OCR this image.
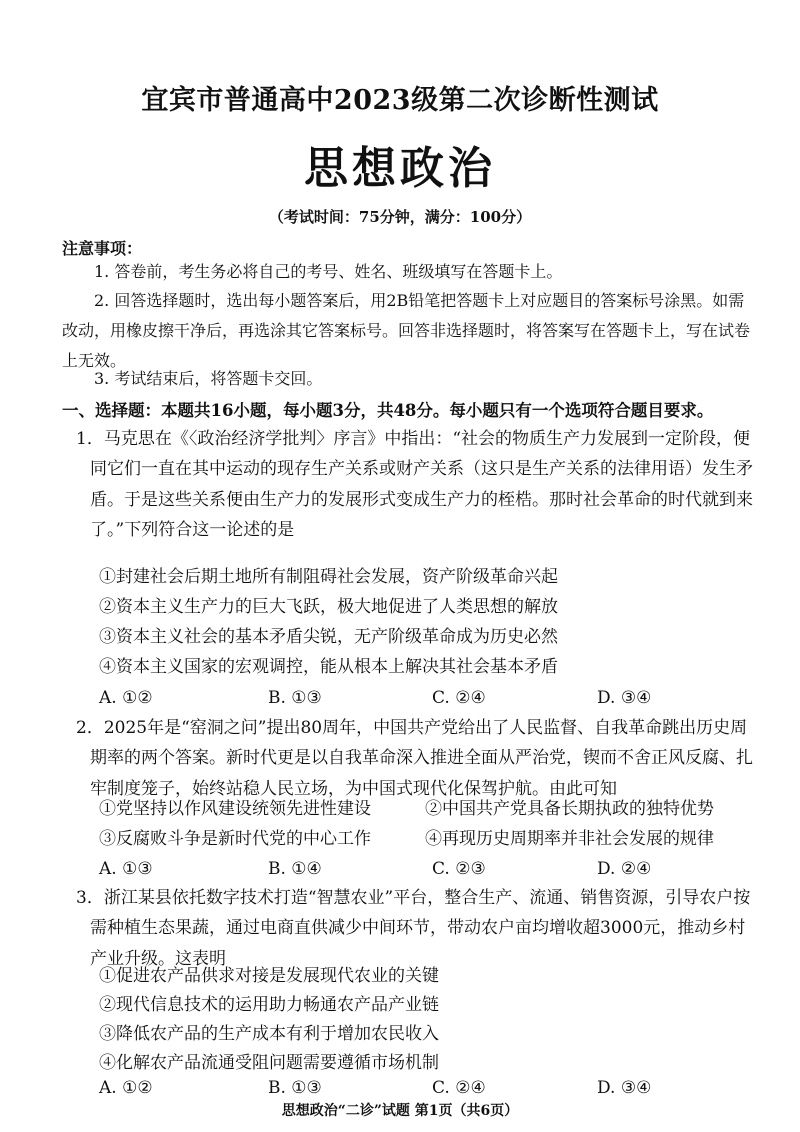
宜宾市普通高中2023级第二次诊断性测试
思想政治
（考试时间：75分钟，满分：100分）
注意事项：
1. 答卷前，考生务必将自己的考号、姓名、班级填写在答题卡上。
2. 回答选择题时，选出每小题答案后，用2B铅笔把答题卡上对应题目的答案标号涂黑。如需改动，用橡皮擦干净后，再选涂其它答案标号。回答非选择题时，将答案写在答题卡上，写在试卷上无效。
3. 考试结束后，将答题卡交回。
一、选择题：本题共16小题，每小题3分，共48分。每小题只有一个选项符合题目要求。
1．马克思在《〈政治经济学批判〉序言》中指出：“社会的物质生产力发展到一定阶段，便同它们一直在其中运动的现存生产关系或财产关系（这只是生产关系的法律用语）发生矛盾。于是这些关系便由生产力的发展形式变成生产力的桎梏。那时社会革命的时代就到来了。”下列符合这一论述的是
①封建社会后期土地所有制阻碍社会发展，资产阶级革命兴起
②资本主义生产力的巨大飞跃，极大地促进了人类思想的解放
③资本主义社会的基本矛盾尖锐，无产阶级革命成为历史必然
④资本主义国家的宏观调控，能从根本上解决其社会基本矛盾
A. ①②	B. ①③	C. ②④	D. ③④
2．2025年是“窑洞之问”提出80周年，中国共产党给出了人民监督、自我革命跳出历史周期率的两个答案。新时代更是以自我革命深入推进全面从严治党，锲而不舍正风反腐、扎牢制度笼子，始终站稳人民立场，为中国式现代化保驾护航。由此可知
①党坚持以作风建设统领先进性建设	②中国共产党具备长期执政的独特优势
③反腐败斗争是新时代党的中心工作	④再现历史周期率并非社会发展的规律
A. ①③	B. ①④	C. ②③	D. ②④
3．浙江某县依托数字技术打造“智慧农业”平台，整合生产、流通、销售资源，引导农户按需种植生态果蔬，通过电商直供减少中间环节，带动农户亩均增收超3000元，推动乡村产业升级。这表明
①促进农产品供求对接是发展现代农业的关键
②现代信息技术的运用助力畅通农产品产业链
③降低农产品的生产成本有利于增加农民收入
④化解农产品流通受阻问题需要遵循市场机制
思想政治“二诊”试题 第1页（共6页）
A. ①②	B. ①③	C. ②④	D. ③④
